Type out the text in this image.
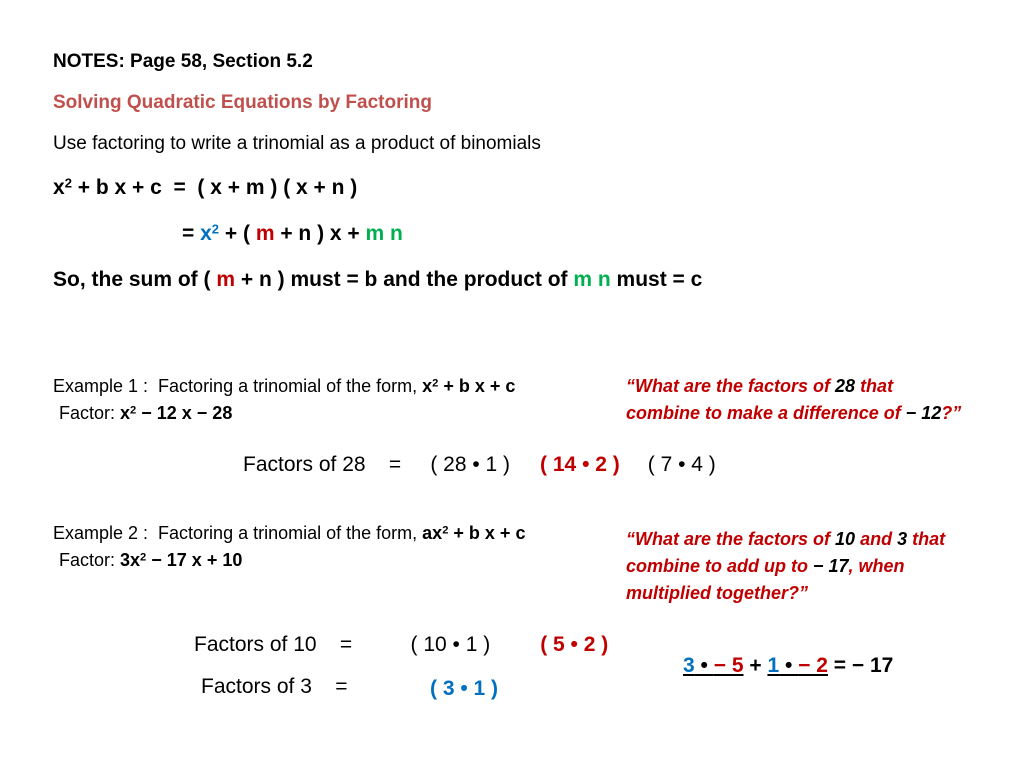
NOTES: Page 58, Section 5.2
Solving Quadratic Equations by Factoring
Use factoring to write a trinomial as a product of binomials
$x^2 + b$ x + c  =  ( x + m ) ( x + n )
= $x^2$ + ( m + n ) x + m n
So, the sum of ( m + n ) must = b and the product of m n must = c
Example 1 :  Factoring a trinomial of the form, $x^2 + b$ x + c
Factor: $x^2 - 12$ x − 28
“What are the factors of 28 that
combine to make a difference of − 12?”
Factors of 28    =     ( 28 • 1 ) ( 14 • 2 ) ( 7 • 4 )
Example 2 :  Factoring a trinomial of the form, $ax^2 + b$ x + c
Factor: $3x^2 - 17$ x + 10
“What are the factors of 10 and 3 that
combine to add up to − 17, when
multiplied together?”
Factors of 10    =          ( 10 • 1 ) ( 5 • 2 )
Factors of 3    =	( 3 • 1 )
3 • − 5 + 1 • − 2 = − 17
